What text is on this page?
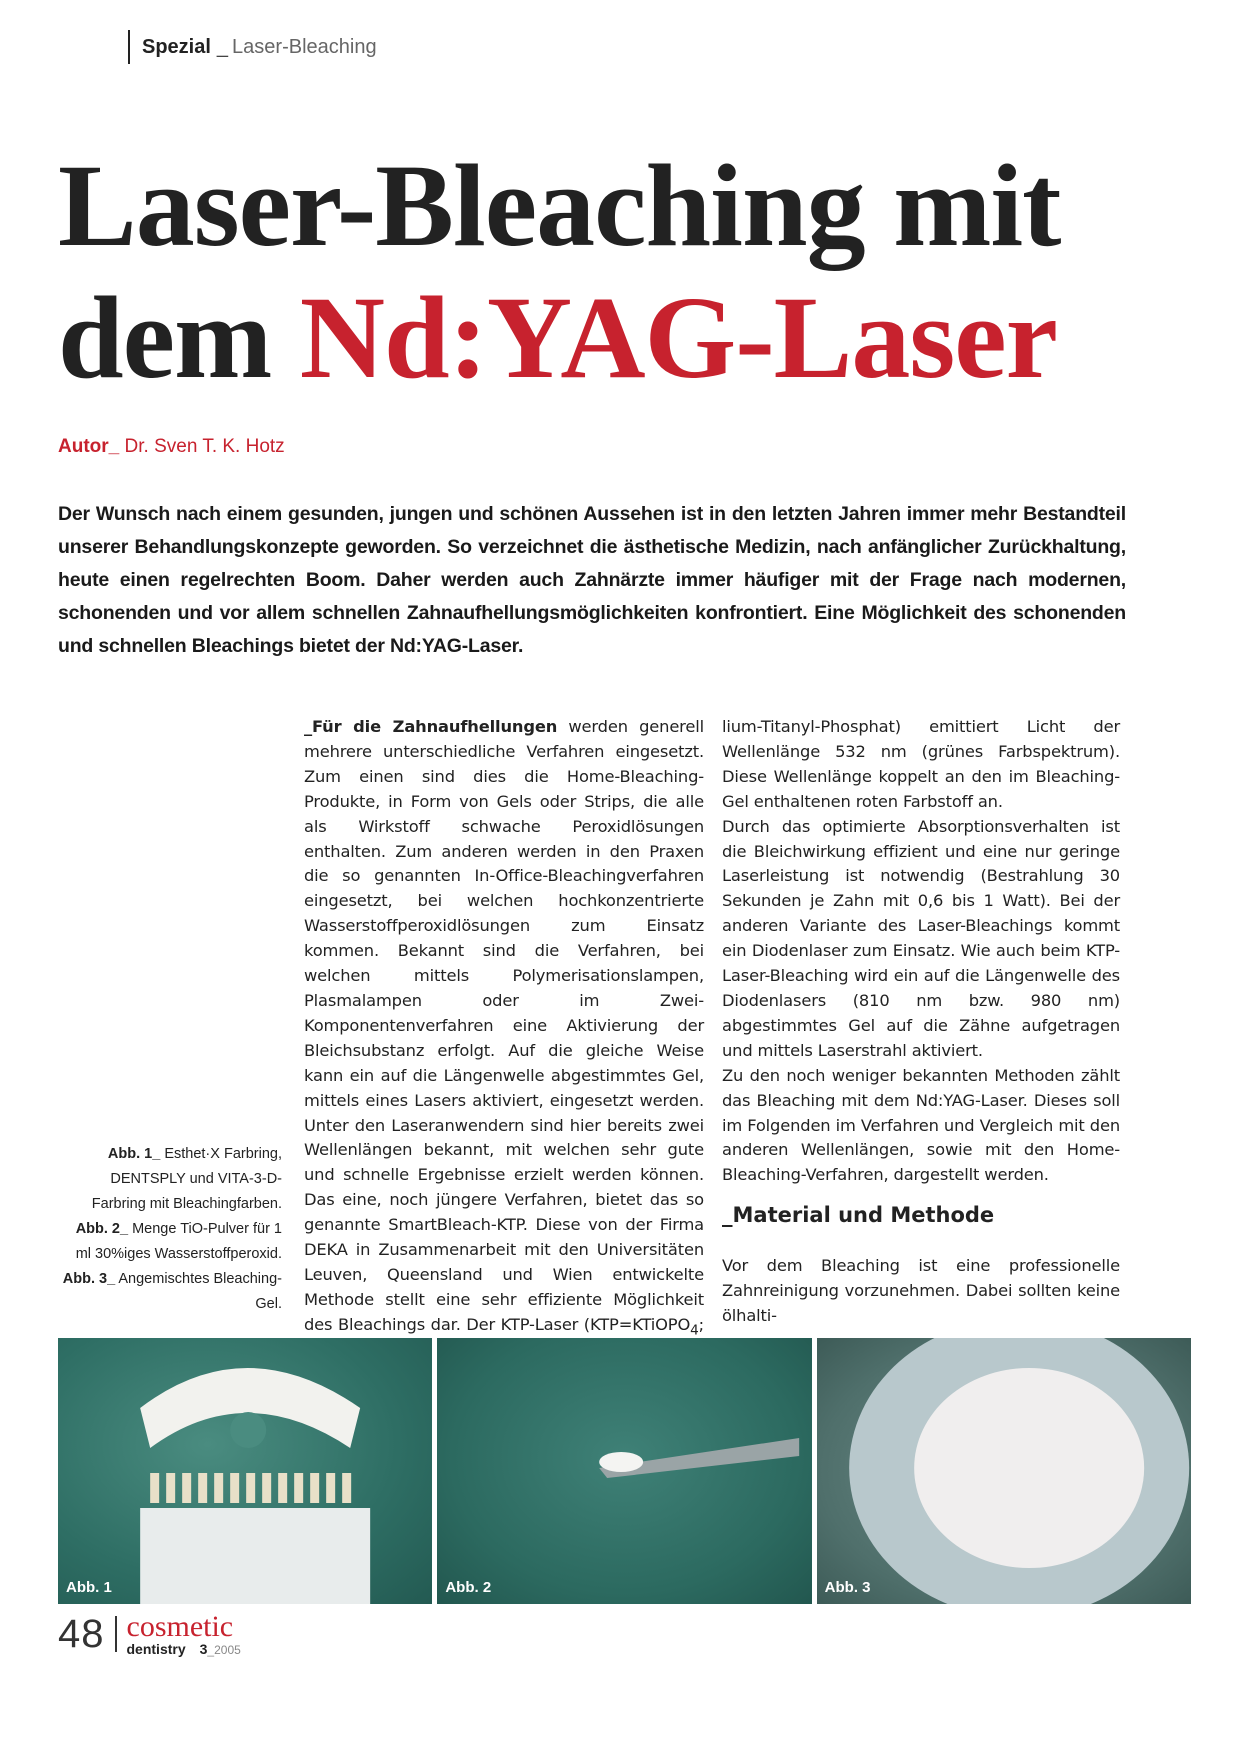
Spezial _ Laser-Bleaching
Laser-Bleaching mit
dem Nd:YAG-Laser
Autor_ Dr. Sven T. K. Hotz

Der Wunsch nach einem gesunden, jungen und schönen Aussehen ist in den letzten Jahren immer mehr Bestandteil unserer Behandlungskonzepte geworden. So verzeichnet die ästhetische Medizin, nach anfänglicher Zurückhaltung, heute einen regelrechten Boom. Daher werden auch Zahnärzte immer häufiger mit der Frage nach modernen, schonenden und vor allem schnellen Zahnaufhellungsmöglichkeiten konfrontiert. Eine Möglichkeit des schonenden und schnellen Bleachings bietet der Nd:YAG-Laser.

Abb. 1_ Esthet·X Farbring, DENTSPLY und VITA-3-D-Farbring mit Bleachingfarben.
Abb. 2_ Menge TiO-Pulver für 1 ml 30%iges Wasserstoffperoxid.
Abb. 3_ Angemischtes Bleaching-Gel.

_Für die Zahnaufhellungen werden generell mehrere unterschiedliche Verfahren eingesetzt. Zum einen sind dies die Home-Bleaching-Produkte, in Form von Gels oder Strips, die alle als Wirkstoff schwache Peroxidlösungen enthalten. Zum anderen werden in den Praxen die so genannten In-Office-Bleachingverfahren eingesetzt, bei welchen hochkonzentrierte Wasserstoffperoxidlösungen zum Einsatz kommen. Bekannt sind die Verfahren, bei welchen mittels Polymerisationslampen, Plasmalampen oder im Zwei-Komponentenverfahren eine Aktivierung der Bleichsubstanz erfolgt. Auf die gleiche Weise kann ein auf die Längenwelle abgestimmtes Gel, mittels eines Lasers aktiviert, eingesetzt werden. Unter den Laseranwendern sind hier bereits zwei Wellenlängen bekannt, mit welchen sehr gute und schnelle Ergebnisse erzielt werden können. Das eine, noch jüngere Verfahren, bietet das so genannte SmartBleach-KTP. Diese von der Firma DEKA in Zusammenarbeit mit den Universitäten Leuven, Queensland und Wien entwickelte Methode stellt eine sehr effiziente Möglichkeit des Bleachings dar. Der KTP-Laser (KTP=KTiOPO$_4$;

lium-Titanyl-Phosphat) emittiert Licht der Wellenlänge 532 nm (grünes Farbspektrum). Diese Wellenlänge koppelt an den im Bleaching-Gel enthaltenen roten Farbstoff an.

Durch das optimierte Absorptionsverhalten ist die Bleichwirkung effizient und eine nur geringe Laserleistung ist notwendig (Bestrahlung 30 Sekunden je Zahn mit 0,6 bis 1 Watt). Bei der anderen Variante des Laser-Bleachings kommt ein Diodenlaser zum Einsatz. Wie auch beim KTP-Laser-Bleaching wird ein auf die Längenwelle des Diodenlasers (810 nm bzw. 980 nm) abgestimmtes Gel auf die Zähne aufgetragen und mittels Laserstrahl aktiviert.

Zu den noch weniger bekannten Methoden zählt das Bleaching mit dem Nd:YAG-Laser. Dieses soll im Folgenden im Verfahren und Vergleich mit den anderen Wellenlängen, sowie mit den Home-Bleaching-Verfahren, dargestellt werden.

_Material und Methode

Vor dem Bleaching ist eine professionelle Zahnreinigung vorzunehmen. Dabei sollten keine ölhalti-

Abb. 1	Abb. 2	Abb. 3
48 cosmetic
dentistry 3_2005
